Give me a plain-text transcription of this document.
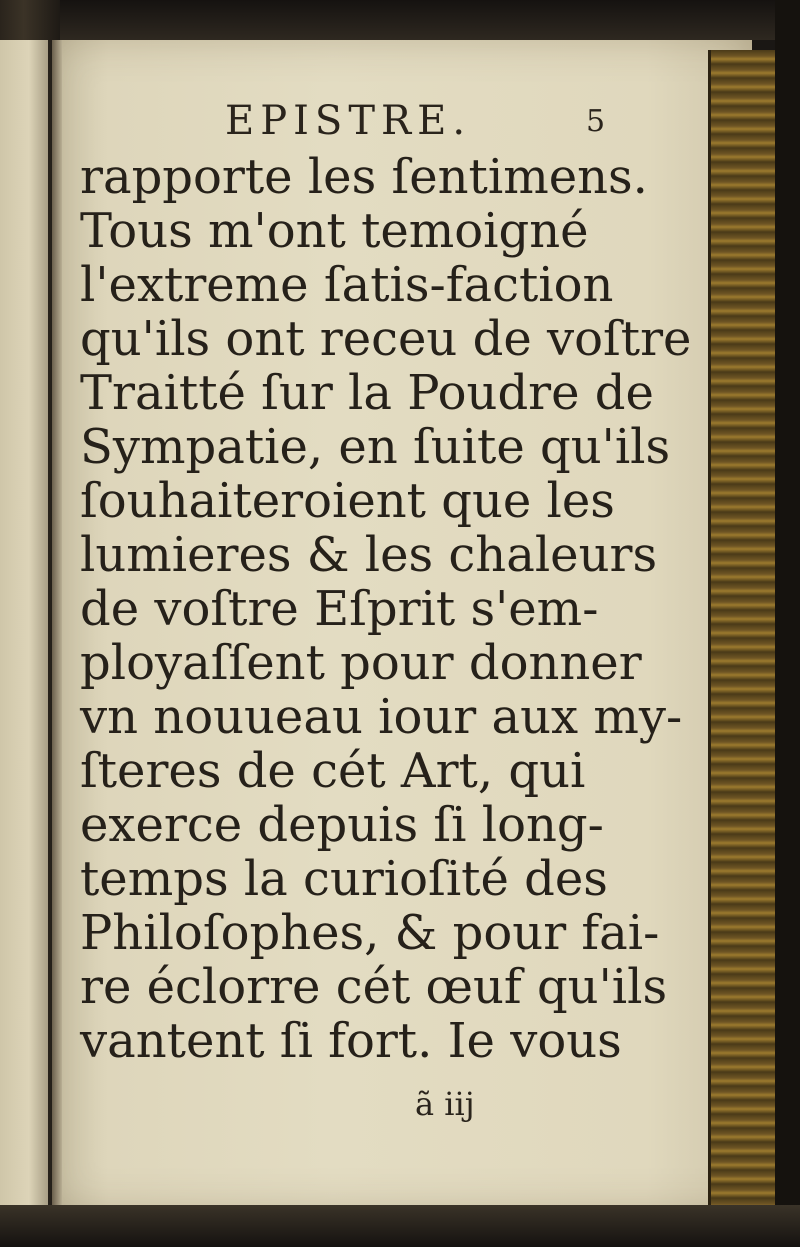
EPISTRE.	5
rapporte les ſentimens.
Tous m'ont temoigné
l'extreme ſatis-faction
qu'ils ont receu de voſtre
Traitté ſur la Poudre de
Sympatie, en ſuite qu'ils
ſouhaiteroient que les
lumieres & les chaleurs
de voſtre Eſprit s'em-
ployaſſent pour donner
vn nouueau iour aux my-
ſteres de cét Art, qui
exerce depuis ſi long-
temps la curioſité des
Philoſophes, & pour fai-
re éclorre cét œuf qu'ils
vantent ſi fort. Ie vous
ã iij
